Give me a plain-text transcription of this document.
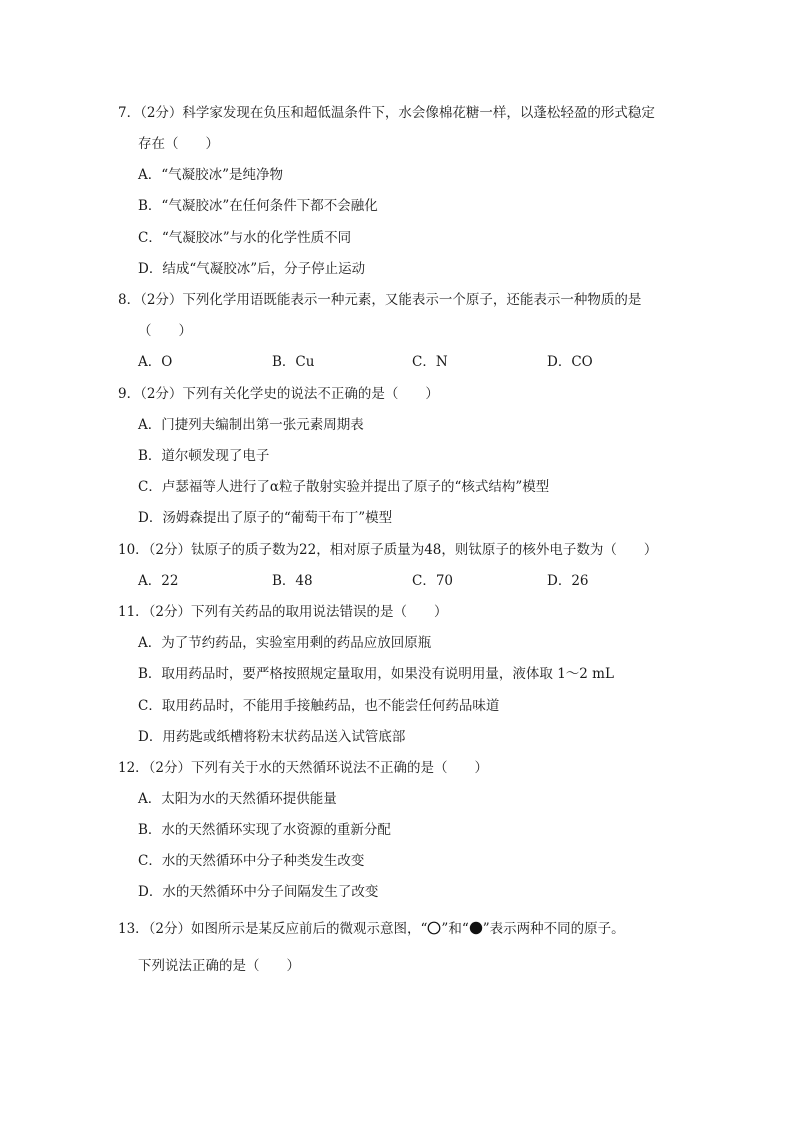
7．（2分）科学家发现在负压和超低温条件下，水会像棉花糖一样，以蓬松轻盈的形式稳定
存在（　　）
A．“气凝胶冰”是纯净物
B．“气凝胶冰”在任何条件下都不会融化
C．“气凝胶冰”与水的化学性质不同
D．结成“气凝胶冰”后，分子停止运动
8．（2分）下列化学用语既能表示一种元素，又能表示一个原子，还能表示一种物质的是
（　　）
A．O	B．Cu	C．N	D．CO
9．（2分）下列有关化学史的说法不正确的是（　　）
A．门捷列夫编制出第一张元素周期表
B．道尔顿发现了电子
C．卢瑟福等人进行了α粒子散射实验并提出了原子的“核式结构”模型
D．汤姆森提出了原子的“葡萄干布丁”模型
10．（2分）钛原子的质子数为22，相对原子质量为48，则钛原子的核外电子数为（　　）
A．22	B．48	C．70	D．26
11．（2分）下列有关药品的取用说法错误的是（　　）
A．为了节约药品，实验室用剩的药品应放回原瓶
B．取用药品时，要严格按照规定量取用，如果没有说明用量，液体取 1～2 mL
C．取用药品时，不能用手接触药品，也不能尝任何药品味道
D．用药匙或纸槽将粉末状药品送入试管底部
12．（2分）下列有关于水的天然循环说法不正确的是（　　）
A．太阳为水的天然循环提供能量
B．水的天然循环实现了水资源的重新分配
C．水的天然循环中分子种类发生改变
D．水的天然循环中分子间隔发生了改变
13．（2分）如图所示是某反应前后的微观示意图，“ ”和“ ”表示两种不同的原子。
下列说法正确的是（　　）
